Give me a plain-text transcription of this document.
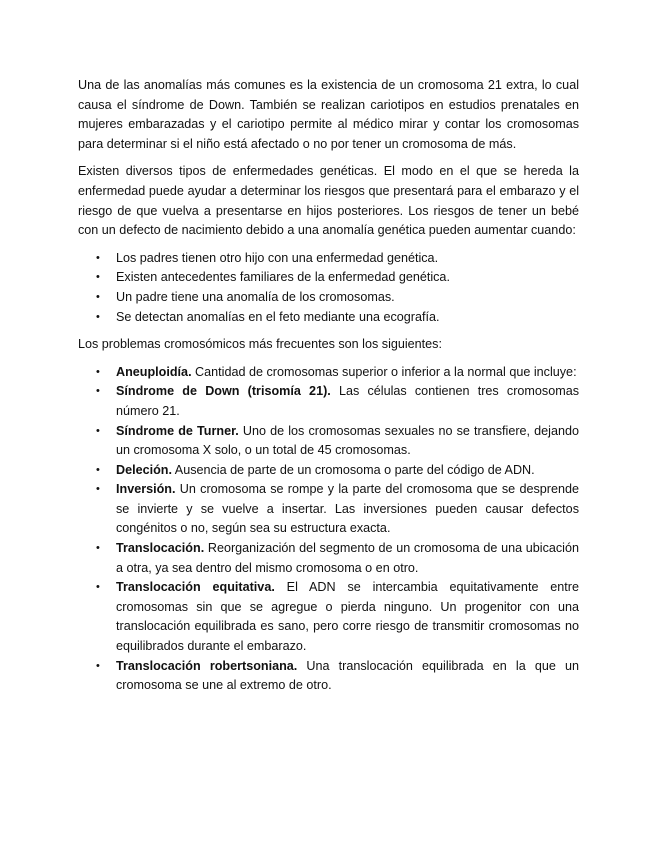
Una de las anomalías más comunes es la existencia de un cromosoma 21 extra, lo cual causa el síndrome de Down. También se realizan cariotipos en estudios prenatales en mujeres embarazadas y el cariotipo permite al médico mirar y contar los cromosomas para determinar si el niño está afectado o no por tener un cromosoma de más.

Existen diversos tipos de enfermedades genéticas. El modo en el que se hereda la enfermedad puede ayudar a determinar los riesgos que presentará para el embarazo y el riesgo de que vuelva a presentarse en hijos posteriores. Los riesgos de tener un bebé con un defecto de nacimiento debido a una anomalía genética pueden aumentar cuando:

• Los padres tienen otro hijo con una enfermedad genética.
• Existen antecedentes familiares de la enfermedad genética.
• Un padre tiene una anomalía de los cromosomas.
• Se detectan anomalías en el feto mediante una ecografía.

Los problemas cromosómicos más frecuentes son los siguientes:

• Aneuploidía. Cantidad de cromosomas superior o inferior a la normal que incluye:
• Síndrome de Down (trisomía 21). Las células contienen tres cromosomas número 21.
• Síndrome de Turner. Uno de los cromosomas sexuales no se transfiere, dejando un cromosoma X solo, o un total de 45 cromosomas.
• Deleción. Ausencia de parte de un cromosoma o parte del código de ADN.
• Inversión. Un cromosoma se rompe y la parte del cromosoma que se desprende se invierte y se vuelve a insertar. Las inversiones pueden causar defectos congénitos o no, según sea su estructura exacta.
• Translocación. Reorganización del segmento de un cromosoma de una ubicación a otra, ya sea dentro del mismo cromosoma o en otro.
• Translocación equitativa. El ADN se intercambia equitativamente entre cromosomas sin que se agregue o pierda ninguno. Un progenitor con una translocación equilibrada es sano, pero corre riesgo de transmitir cromosomas no equilibrados durante el embarazo.
• Translocación robertsoniana. Una translocación equilibrada en la que un cromosoma se une al extremo de otro.
